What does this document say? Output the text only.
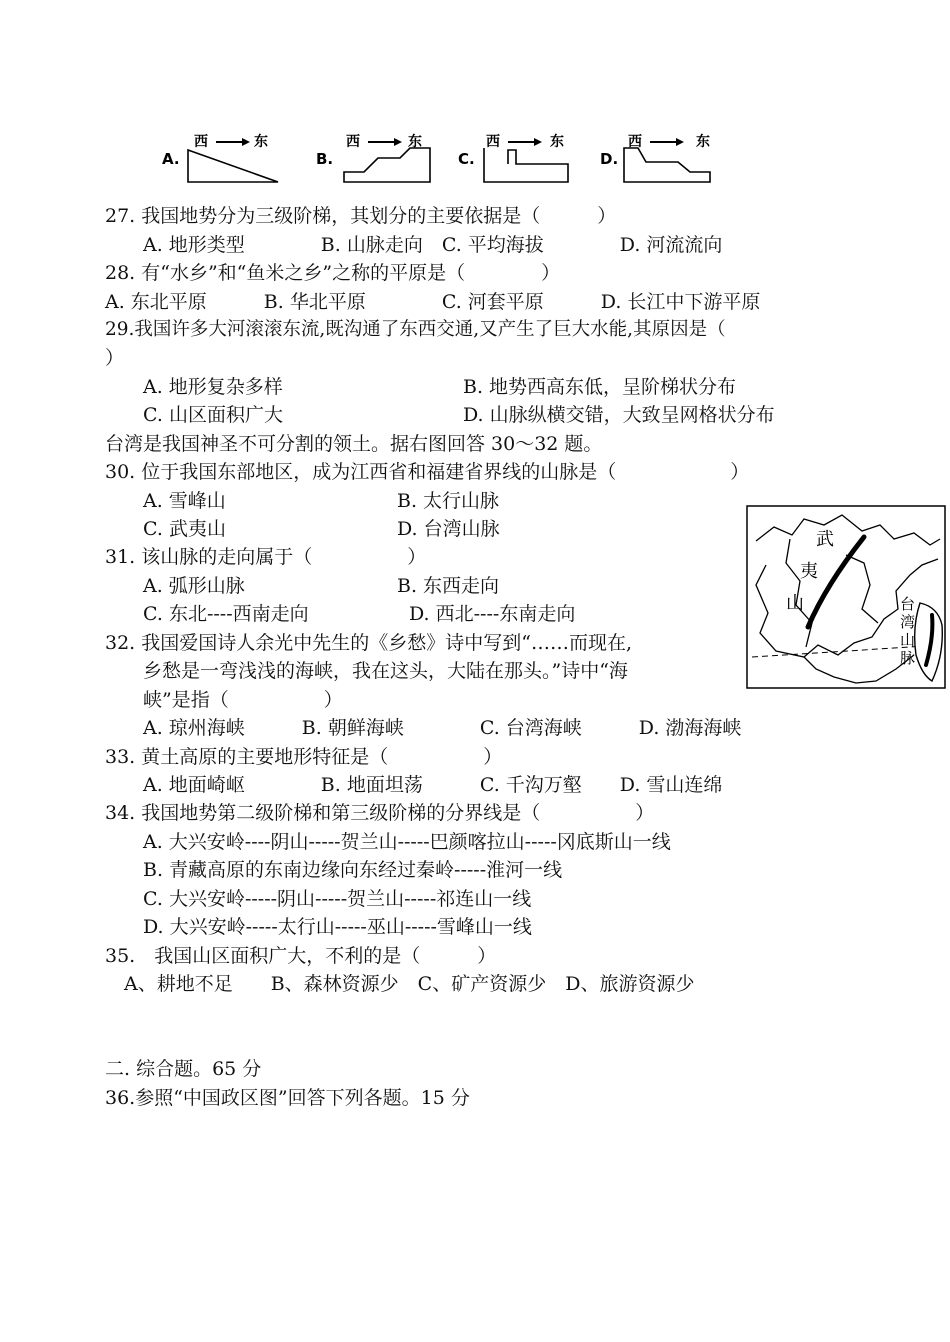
A.
西	东
B.
西	东
C.
西	东
D.
西	东
27. 我国地势分为三级阶梯，其划分的主要依据是（　　　）
　　A. 地形类型　　　　B. 山脉走向　C. 平均海拔　　　　D. 河流流向
28. 有“水乡”和“鱼米之乡”之称的平原是（　　　　）
A. 东北平原　　　B. 华北平原　　　　C. 河套平原　　　D. 长江中下游平原
29.我国许多大河滚滚东流,既沟通了东西交通,又产生了巨大水能,其原因是（
）
　　A. 地形复杂多样	B. 地势西高东低，呈阶梯状分布
　　C. 山区面积广大	D. 山脉纵横交错，大致呈网格状分布
台湾是我国神圣不可分割的领土。据右图回答 30～32 题。
30. 位于我国东部地区，成为江西省和福建省界线的山脉是（　　　　　　）
　　A. 雪峰山	B. 太行山脉
　　C. 武夷山	D. 台湾山脉
31. 该山脉的走向属于（　　　　　）
　　A. 弧形山脉	B. 东西走向
　　C. 东北----西南走向	D. 西北----东南走向
32. 我国爱国诗人余光中先生的《乡愁》诗中写到“……而现在,
　　乡愁是一弯浅浅的海峡，我在这头，大陆在那头。”诗中“海
　　峡”是指（　　　　　）
　　A. 琼州海峡　　　B. 朝鲜海峡　　　　C. 台湾海峡　　　D. 渤海海峡
33. 黄土高原的主要地形特征是（　　　　　）
　　A. 地面崎岖　　　　B. 地面坦荡　　　C. 千沟万壑　　D. 雪山连绵
34. 我国地势第二级阶梯和第三级阶梯的分界线是（　　　　　）
　　A. 大兴安岭----阴山-----贺兰山-----巴颜喀拉山-----冈底斯山一线
　　B. 青藏高原的东南边缘向东经过秦岭-----淮河一线
　　C. 大兴安岭-----阴山-----贺兰山-----祁连山一线
　　D. 大兴安岭-----太行山-----巫山-----雪峰山一线
35.　我国山区面积广大，不利的是（　　　）
　A、耕地不足　　B、森林资源少　C、矿产资源少　D、旅游资源少
二. 综合题。65 分
36.参照“中国政区图”回答下列各题。15 分
武
夷
山	台
湾
山
脉
